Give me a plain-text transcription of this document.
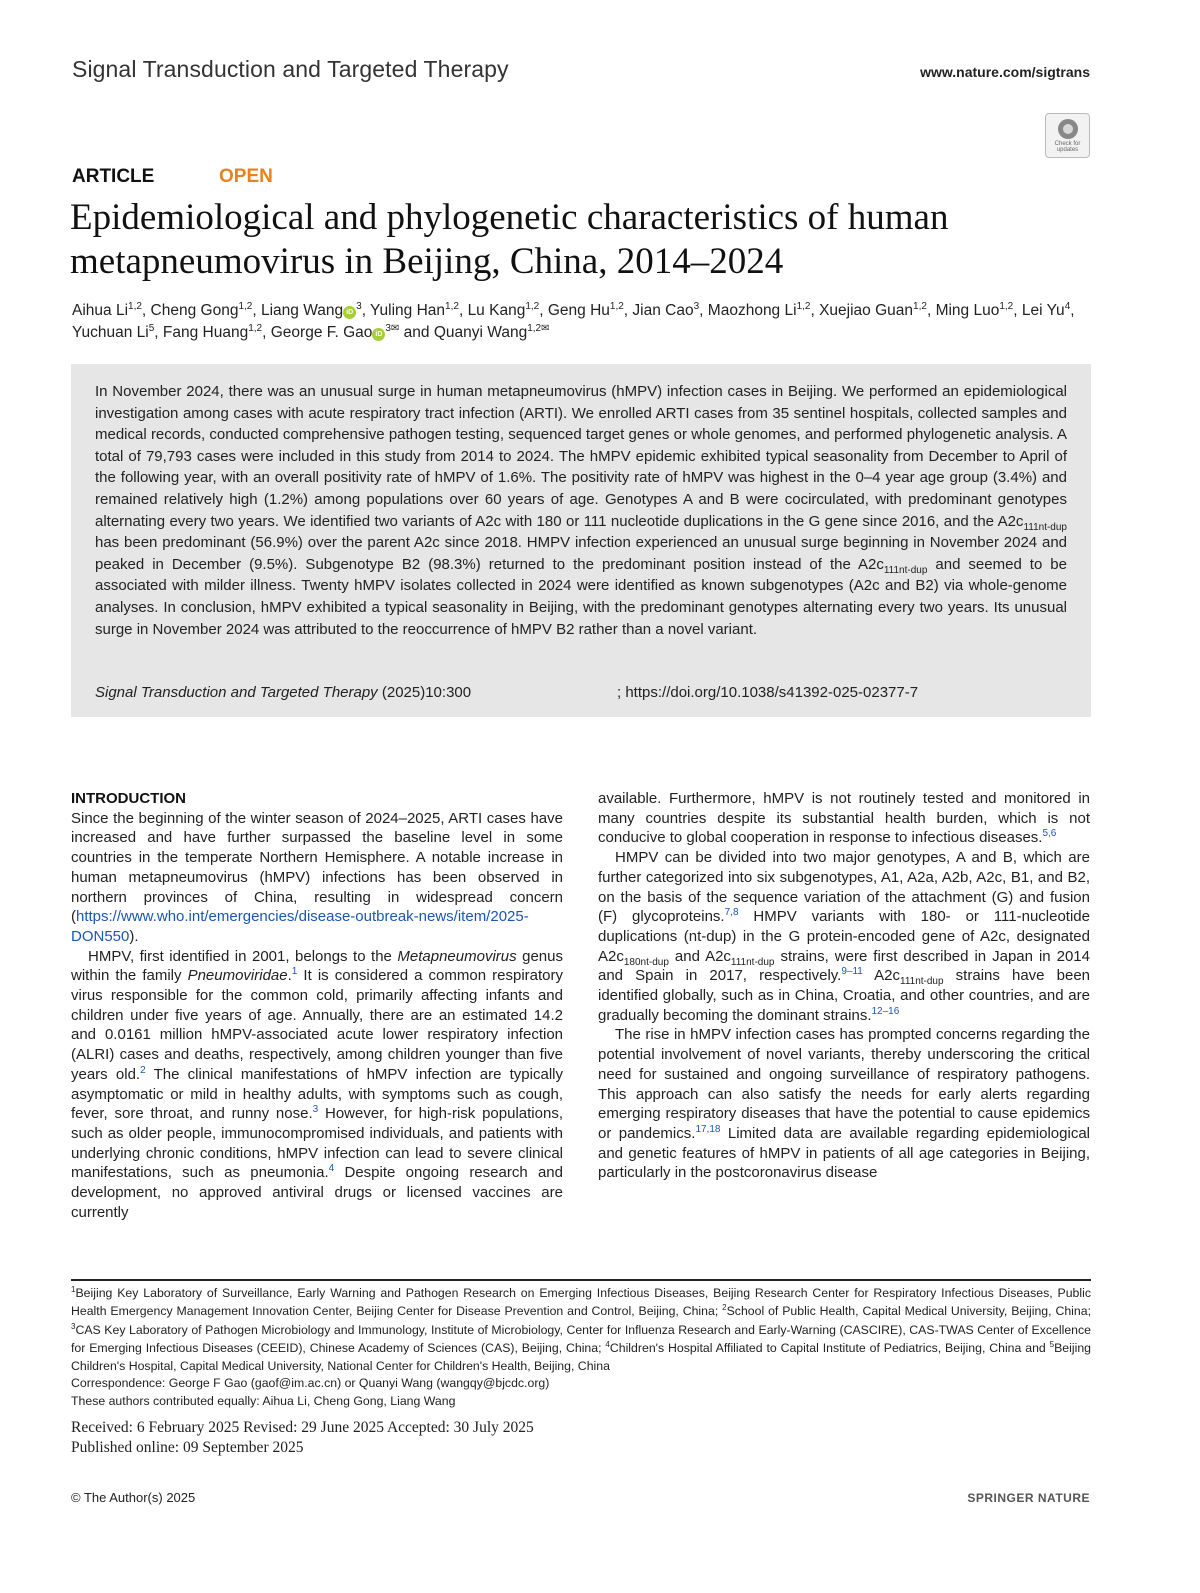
Signal Transduction and Targeted Therapy	www.nature.com/sigtrans
Check for updates
ARTICLE	OPEN
Epidemiological and phylogenetic characteristics of human metapneumovirus in Beijing, China, 2014–2024
Aihua Li$^{1,2}$, Cheng Gong$^{1,2}$, Liang Wang $iD^3$, Yuling Han$^{1,2}$, Lu Kang$^{1,2}$, Geng Hu$^{1,2}$, Jian Cao$^3$, Maozhong Li$^{1,2}$, Xuejiao Guan$^{1,2}$, Ming Luo$^{1,2}$, Lei Yu$^4$, Yuchuan Li$^5$, Fang Huang$^{1,2}$, George F. Gao $iD^{3✉}$ and Quanyi Wang$^{1,2✉}$

In November 2024, there was an unusual surge in human metapneumovirus (hMPV) infection cases in Beijing. We performed an epidemiological investigation among cases with acute respiratory tract infection (ARTI). We enrolled ARTI cases from 35 sentinel hospitals, collected samples and medical records, conducted comprehensive pathogen testing, sequenced target genes or whole genomes, and performed phylogenetic analysis. A total of 79,793 cases were included in this study from 2014 to 2024. The hMPV epidemic exhibited typical seasonality from December to April of the following year, with an overall positivity rate of hMPV of 1.6%. The positivity rate of hMPV was highest in the 0–4 year age group (3.4%) and remained relatively high (1.2%) among populations over 60 years of age. Genotypes A and B were cocirculated, with predominant genotypes alternating every two years. We identified two variants of A2c with 180 or 111 nucleotide duplications in the G gene since 2016, and the $A2c_{111nt-dup}$ has been predominant (56.9%) over the parent A2c since 2018. HMPV infection experienced an unusual surge beginning in November 2024 and peaked in December (9.5%). Subgenotype B2 (98.3%) returned to the predominant position instead of the $A2c_{111nt-dup}$ and seemed to be associated with milder illness. Twenty hMPV isolates collected in 2024 were identified as known subgenotypes (A2c and B2) via whole-genome analyses. In conclusion, hMPV exhibited a typical seasonality in Beijing, with the predominant genotypes alternating every two years. Its unusual surge in November 2024 was attributed to the reoccurrence of hMPV B2 rather than a novel variant.

Signal Transduction and Targeted Therapy (2025)10:300	; https://doi.org/10.1038/s41392-025-02377-7
INTRODUCTION

Since the beginning of the winter season of 2024–2025, ARTI cases have increased and have further surpassed the baseline level in some countries in the temperate Northern Hemisphere. A notable increase in human metapneumovirus (hMPV) infections has been observed in northern provinces of China, resulting in widespread concern (https://www.who.int/emergencies/disease-outbreak-news/item/2025-DON550).

HMPV, first identified in 2001, belongs to the Metapneumovirus genus within the family Pneumoviridae.$^1$ It is considered a common respiratory virus responsible for the common cold, primarily affecting infants and children under five years of age. Annually, there are an estimated 14.2 and 0.0161 million hMPV-associated acute lower respiratory infection (ALRI) cases and deaths, respectively, among children younger than five years old.$^2$ The clinical manifestations of hMPV infection are typically asymptomatic or mild in healthy adults, with symptoms such as cough, fever, sore throat, and runny nose.$^3$ However, for high-risk populations, such as older people, immunocompromised individuals, and patients with underlying chronic conditions, hMPV infection can lead to severe clinical manifestations, such as pneumonia.$^4$ Despite ongoing research and development, no approved antiviral drugs or licensed vaccines are currently

available. Furthermore, hMPV is not routinely tested and monitored in many countries despite its substantial health burden, which is not conducive to global cooperation in response to infectious diseases.$^{5,6}$

HMPV can be divided into two major genotypes, A and B, which are further categorized into six subgenotypes, A1, A2a, A2b, A2c, B1, and B2, on the basis of the sequence variation of the attachment (G) and fusion (F) glycoproteins.$^{7,8}$ HMPV variants with 180- or 111-nucleotide duplications (nt-dup) in the G protein-encoded gene of A2c, designated $A2c_{180nt-dup}$ and $A2c_{111nt-dup}$ strains, were first described in Japan in 2014 and Spain in 2017, respectively.$^{9-11}$ $A2c_{111nt-dup}$ strains have been identified globally, such as in China, Croatia, and other countries, and are gradually becoming the dominant strains.$^{12-16}$

The rise in hMPV infection cases has prompted concerns regarding the potential involvement of novel variants, thereby underscoring the critical need for sustained and ongoing surveillance of respiratory pathogens. This approach can also satisfy the needs for early alerts regarding emerging respiratory diseases that have the potential to cause epidemics or pandemics.$^{17,18}$ Limited data are available regarding epidemiological and genetic features of hMPV in patients of all age categories in Beijing, particularly in the postcoronavirus disease

$^1$Beijing Key Laboratory of Surveillance, Early Warning and Pathogen Research on Emerging Infectious Diseases, Beijing Research Center for Respiratory Infectious Diseases, Public Health Emergency Management Innovation Center, Beijing Center for Disease Prevention and Control, Beijing, China; $^2$School of Public Health, Capital Medical University, Beijing, China; $^3$CAS Key Laboratory of Pathogen Microbiology and Immunology, Institute of Microbiology, Center for Influenza Research and Early-Warning (CASCIRE), CAS-TWAS Center of Excellence for Emerging Infectious Diseases (CEEID), Chinese Academy of Sciences (CAS), Beijing, China; $^4$Children's Hospital Affiliated to Capital Institute of Pediatrics, Beijing, China and $^5$Beijing Children's Hospital, Capital Medical University, National Center for Children's Health, Beijing, China

Correspondence: George F Gao (gaof@im.ac.cn) or Quanyi Wang (wangqy@bjcdc.org)
These authors contributed equally: Aihua Li, Cheng Gong, Liang Wang
Received: 6 February 2025 Revised: 29 June 2025 Accepted: 30 July 2025
Published online: 09 September 2025
© The Author(s) 2025	SPRINGER NATURE
